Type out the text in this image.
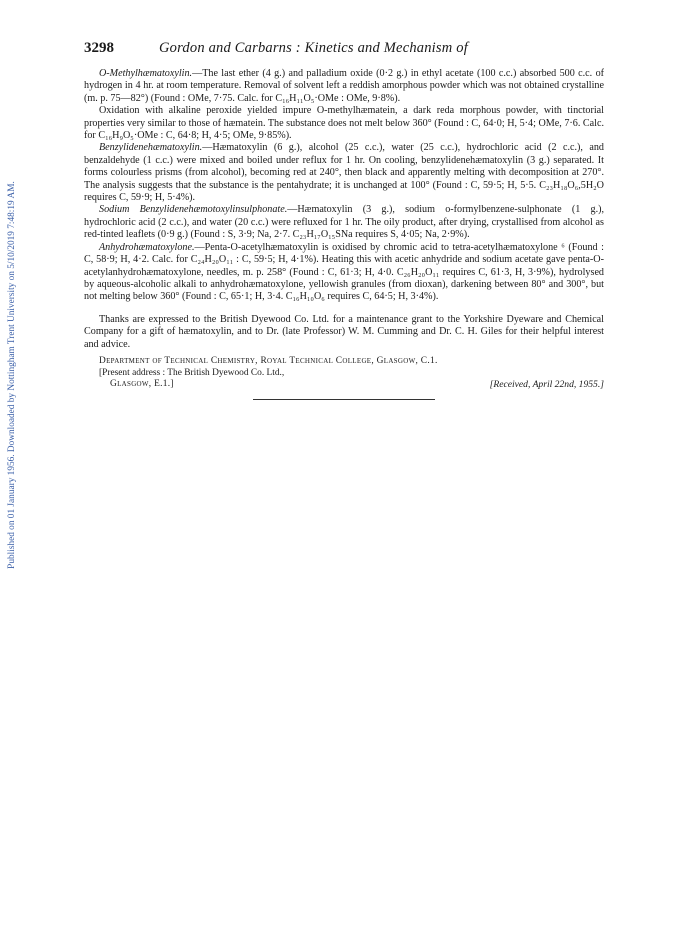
Published on 01 January 1956. Downloaded by Nottingham Trent University on 5/10/2019 7:48:19 AM.
3298	Gordon and Carbarns : Kinetics and Mechanism of

O-Methylhæmatoxylin.—The last ether (4 g.) and palladium oxide (0·2 g.) in ethyl acetate (100 c.c.) absorbed 500 c.c. of hydrogen in 4 hr. at room temperature. Removal of solvent left a reddish amorphous powder which was not obtained crystalline (m. p. 75—82°) (Found : OMe, 7·75. Calc. for C₁₆H₁₁O₅·OMe : OMe, 9·8%).

Oxidation with alkaline peroxide yielded impure O-methylhæmatein, a dark reda morphous powder, with tinctorial properties very similar to those of hæmatein. The substance does not melt below 360° (Found : C, 64·0; H, 5·4; OMe, 7·6. Calc. for C₁₆H₉O₅·OMe : C, 64·8; H, 4·5; OMe, 9·85%).

Benzylidenehæmatoxylin.—Hæmatoxylin (6 g.), alcohol (25 c.c.), water (25 c.c.), hydrochloric acid (2 c.c.), and benzaldehyde (1 c.c.) were mixed and boiled under reflux for 1 hr. On cooling, benzylidenehæmatoxylin (3 g.) separated. It forms colourless prisms (from alcohol), becoming red at 240°, then black and apparently melting with decomposition at 270°. The analysis suggests that the substance is the pentahydrate; it is unchanged at 100° (Found : C, 59·5; H, 5·5. C₂₃H₁₈O₆,5H₂O requires C, 59·9; H, 5·4%).

Sodium Benzylidenehæmotoxylinsulphonate.—Hæmatoxylin (3 g.), sodium o-formylbenzene-sulphonate (1 g.), hydrochloric acid (2 c.c.), and water (20 c.c.) were refluxed for 1 hr. The oily product, after drying, crystallised from alcohol as red-tinted leaflets (0·9 g.) (Found : S, 3·9; Na, 2·7. C₂₃H₁₇O₁₅SNa requires S, 4·05; Na, 2·9%).

Anhydrohæmatoxylone.—Penta-O-acetylhæmatoxylin is oxidised by chromic acid to tetra-acetylhæmatoxylone ⁶ (Found : C, 58·9; H, 4·2. Calc. for C₂₄H₂₀O₁₁ : C, 59·5; H, 4·1%). Heating this with acetic anhydride and sodium acetate gave penta-O-acetylanhydrohæmatoxylone, needles, m. p. 258° (Found : C, 61·3; H, 4·0. C₂₆H₂₀O₁₁ requires C, 61·3, H, 3·9%), hydrolysed by aqueous-alcoholic alkali to anhydrohæmatoxylone, yellowish granules (from dioxan), darkening between 80° and 300°, but not melting below 360° (Found : C, 65·1; H, 3·4. C₁₆H₁₀O₆ requires C, 64·5; H, 3·4%).

Thanks are expressed to the British Dyewood Co. Ltd. for a maintenance grant to the Yorkshire Dyeware and Chemical Company for a gift of hæmatoxylin, and to Dr. (late Professor) W. M. Cumming and Dr. C. H. Giles for their helpful interest and advice.

Department of Technical Chemistry, Royal Technical College, Glasgow, C.1.
[Present address : The British Dyewood Co. Ltd.,
Glasgow, E.1.]	[Received, April 22nd, 1955.]
